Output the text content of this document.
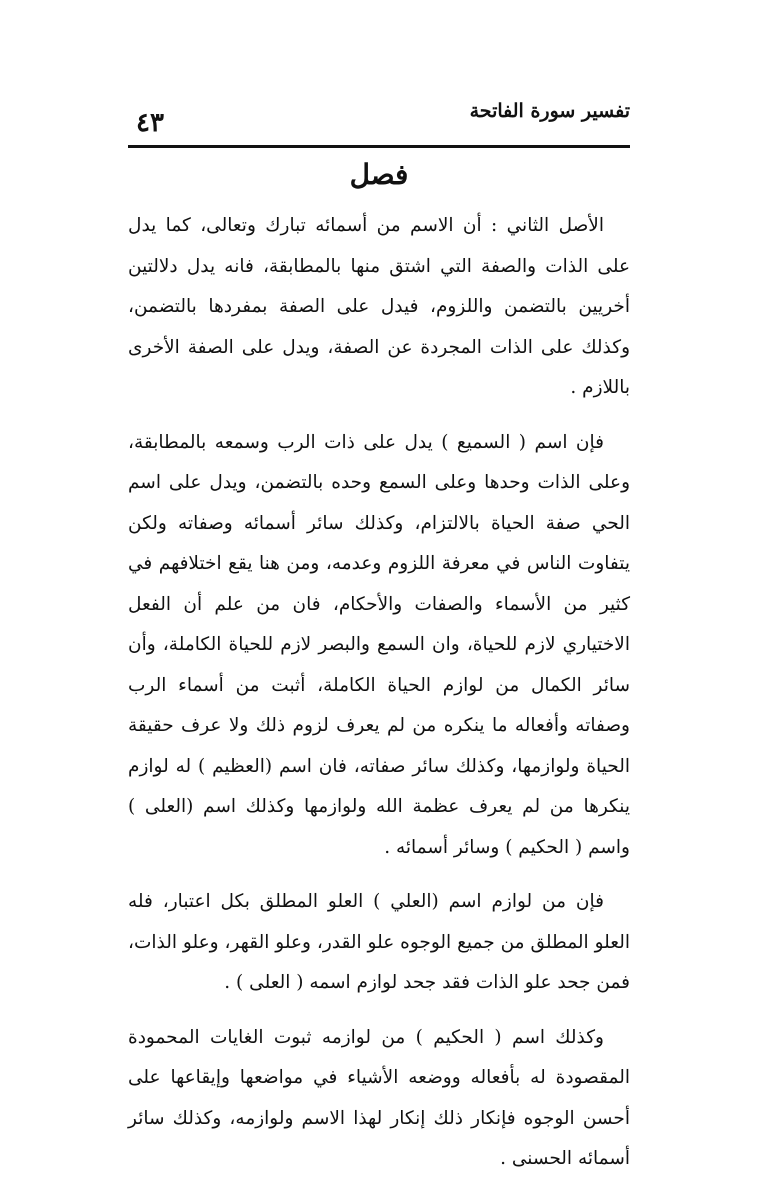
تفسير سورة الفاتحة
٤٣
فصل

الأصل الثاني : أن الاسم من أسمائه تبارك وتعالى، كما يدل على الذات والصفة التي اشتق منها بالمطابقة، فانه يدل دلالتين أخريين بالتضمن واللزوم، فيدل على الصفة بمفردها بالتضمن، وكذلك على الذات المجردة عن الصفة، ويدل على الصفة الأخرى باللازم .

فإن اسم ( السميع ) يدل على ذات الرب وسمعه بالمطابقة، وعلى الذات وحدها وعلى السمع وحده بالتضمن، ويدل على اسم الحي صفة الحياة بالالتزام، وكذلك سائر أسمائه وصفاته ولكن يتفاوت الناس في معرفة اللزوم وعدمه، ومن هنا يقع اختلافهم في كثير من الأسماء والصفات والأحكام، فان من علم أن الفعل الاختياري لازم للحياة، وان السمع والبصر لازم للحياة الكاملة، وأن سائر الكمال من لوازم الحياة الكاملة، أثبت من أسماء الرب وصفاته وأفعاله ما ينكره من لم يعرف لزوم ذلك ولا عرف حقيقة الحياة ولوازمها، وكذلك سائر صفاته، فان اسم (العظيم ) له لوازم ينكرها من لم يعرف عظمة الله ولوازمها وكذلك اسم (العلى ) واسم ( الحكيم ) وسائر أسمائه .

فإن من لوازم اسم (العلي ) العلو المطلق بكل اعتبار، فله العلو المطلق من جميع الوجوه علو القدر، وعلو القهر، وعلو الذات، فمن جحد علو الذات فقد جحد لوازم اسمه ( العلى ) .

وكذلك اسم ( الحكيم ) من لوازمه ثبوت الغايات المحمودة المقصودة له بأفعاله ووضعه الأشياء في مواضعها وإيقاعها على أحسن الوجوه فإنكار ذلك إنكار لهذا الاسم ولوازمه، وكذلك سائر أسمائه الحسنى .
